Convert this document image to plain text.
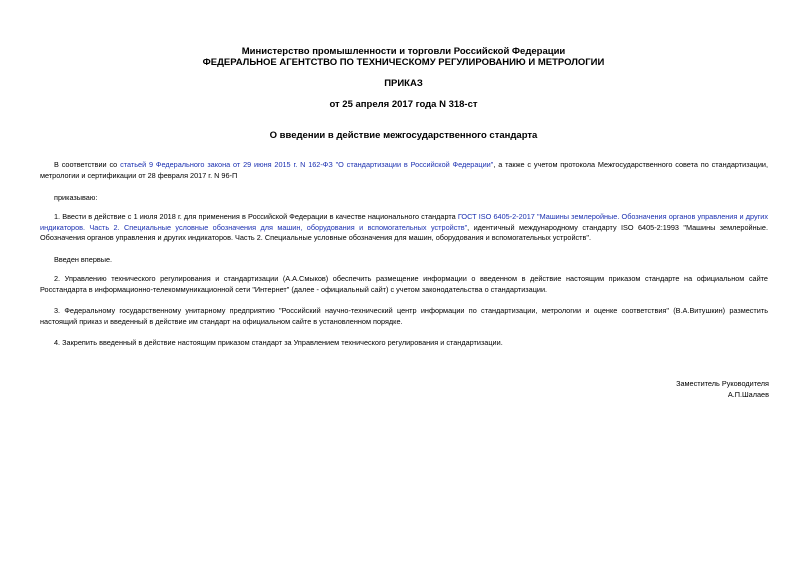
Министерство промышленности и торговли Российской Федерации
ФЕДЕРАЛЬНОЕ АГЕНТСТВО ПО ТЕХНИЧЕСКОМУ РЕГУЛИРОВАНИЮ И МЕТРОЛОГИИ
ПРИКАЗ
от 25 апреля 2017 года N 318-ст
О введении в действие межгосударственного стандарта
В соответствии со статьей 9 Федерального закона от 29 июня 2015 г. N 162-ФЗ "О стандартизации в Российской Федерации", а также с учетом протокола Межгосударственного совета по стандартизации, метрологии и сертификации от 28 февраля 2017 г. N 96-П
приказываю:
1. Ввести в действие с 1 июля 2018 г. для применения в Российской Федерации в качестве национального стандарта ГОСТ ISO 6405-2-2017 "Машины землеройные. Обозначения органов управления и других индикаторов. Часть 2. Специальные условные обозначения для машин, оборудования и вспомогательных устройств", идентичный международному стандарту ISO 6405-2:1993 "Машины землеройные. Обозначения органов управления и других индикаторов. Часть 2. Специальные условные обозначения для машин, оборудования и вспомогательных устройств".
Введен впервые.
2. Управлению технического регулирования и стандартизации (А.А.Смыков) обеспечить размещение информации о введенном в действие настоящим приказом стандарте на официальном сайте Росстандарта в информационно-телекоммуникационной сети "Интернет" (далее - официальный сайт) с учетом законодательства о стандартизации.
3. Федеральному государственному унитарному предприятию "Российский научно-технический центр информации по стандартизации, метрологии и оценке соответствия" (В.А.Витушкин) разместить настоящий приказ и введенный в действие им стандарт на официальном сайте в установленном порядке.
4. Закрепить введенный в действие настоящим приказом стандарт за Управлением технического регулирования и стандартизации.
Заместитель Руководителя
А.П.Шалаев
